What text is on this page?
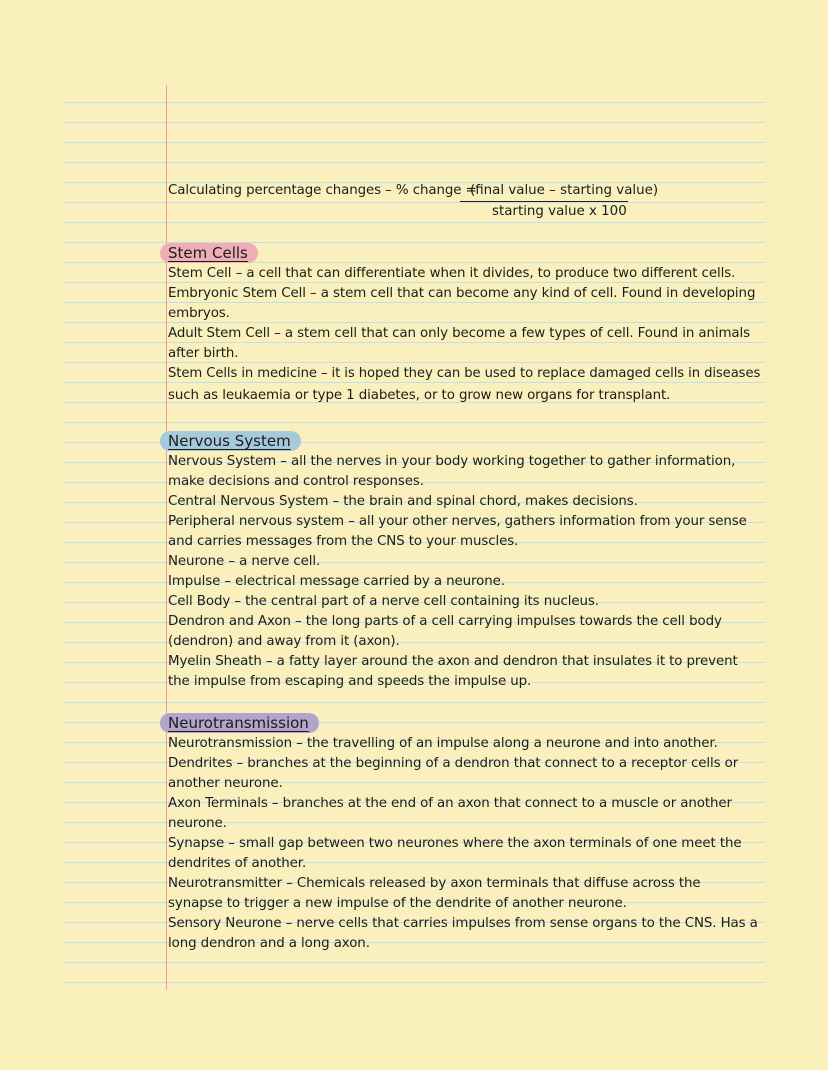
Calculating percentage changes – % change =
(final value – starting value)
starting value x 100
Stem Cells
Stem Cell – a cell that can differentiate when it divides, to produce two different cells.
Embryonic Stem Cell – a stem cell that can become any kind of cell. Found in developing
embryos.
Adult Stem Cell – a stem cell that can only become a few types of cell. Found in animals
after birth.
Stem Cells in medicine – it is hoped they can be used to replace damaged cells in diseases
such as leukaemia or type 1 diabetes, or to grow new organs for transplant.
Nervous System
Nervous System – all the nerves in your body working together to gather information,
make decisions and control responses.
Central Nervous System – the brain and spinal chord, makes decisions.
Peripheral nervous system – all your other nerves, gathers information from your sense
and carries messages from the CNS to your muscles.
Neurone – a nerve cell.
Impulse – electrical message carried by a neurone.
Cell Body – the central part of a nerve cell containing its nucleus.
Dendron and Axon – the long parts of a cell carrying impulses towards the cell body
(dendron) and away from it (axon).
Myelin Sheath – a fatty layer around the axon and dendron that insulates it to prevent
the impulse from escaping and speeds the impulse up.
Neurotransmission
Neurotransmission – the travelling of an impulse along a neurone and into another.
Dendrites – branches at the beginning of a dendron that connect to a receptor cells or
another neurone.
Axon Terminals – branches at the end of an axon that connect to a muscle or another
neurone.
Synapse – small gap between two neurones where the axon terminals of one meet the
dendrites of another.
Neurotransmitter – Chemicals released by axon terminals that diffuse across the
synapse to trigger a new impulse of the dendrite of another neurone.
Sensory Neurone – nerve cells that carries impulses from sense organs to the CNS. Has a
long dendron and a long axon.
